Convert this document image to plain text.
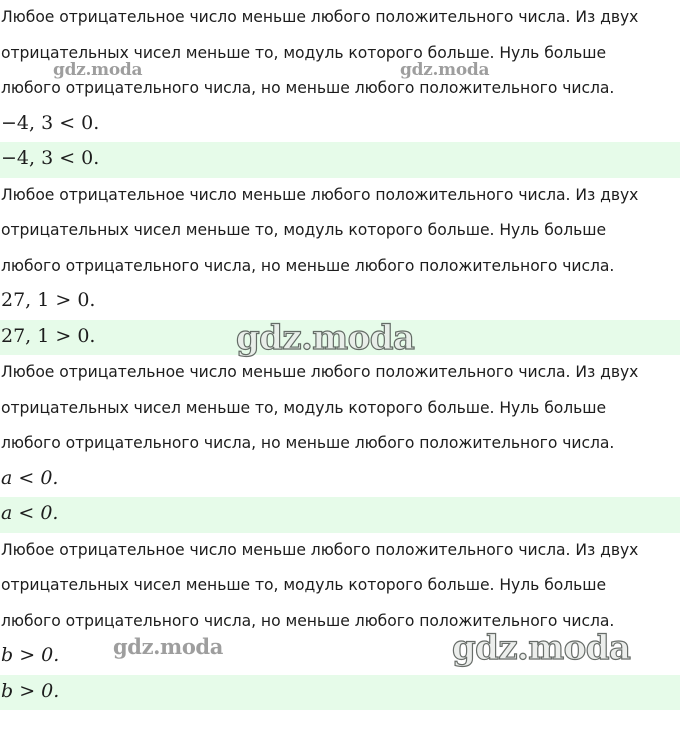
Любое отрицательное число меньше любого положительного числа. Из двух
отрицательных чисел меньше то, модуль которого больше. Нуль больше
любого отрицательного числа, но меньше любого положительного числа.
−4, 3 < 0.
−4, 3 < 0.
Любое отрицательное число меньше любого положительного числа. Из двух
отрицательных чисел меньше то, модуль которого больше. Нуль больше
любого отрицательного числа, но меньше любого положительного числа.
27, 1 > 0.
27, 1 > 0.
Любое отрицательное число меньше любого положительного числа. Из двух
отрицательных чисел меньше то, модуль которого больше. Нуль больше
любого отрицательного числа, но меньше любого положительного числа.
a < 0.
a < 0.
Любое отрицательное число меньше любого положительного числа. Из двух
отрицательных чисел меньше то, модуль которого больше. Нуль больше
любого отрицательного числа, но меньше любого положительного числа.
b > 0.
b > 0.
gdz.moda	gdz.moda
gdz.moda
gdz.moda	gdz.moda
